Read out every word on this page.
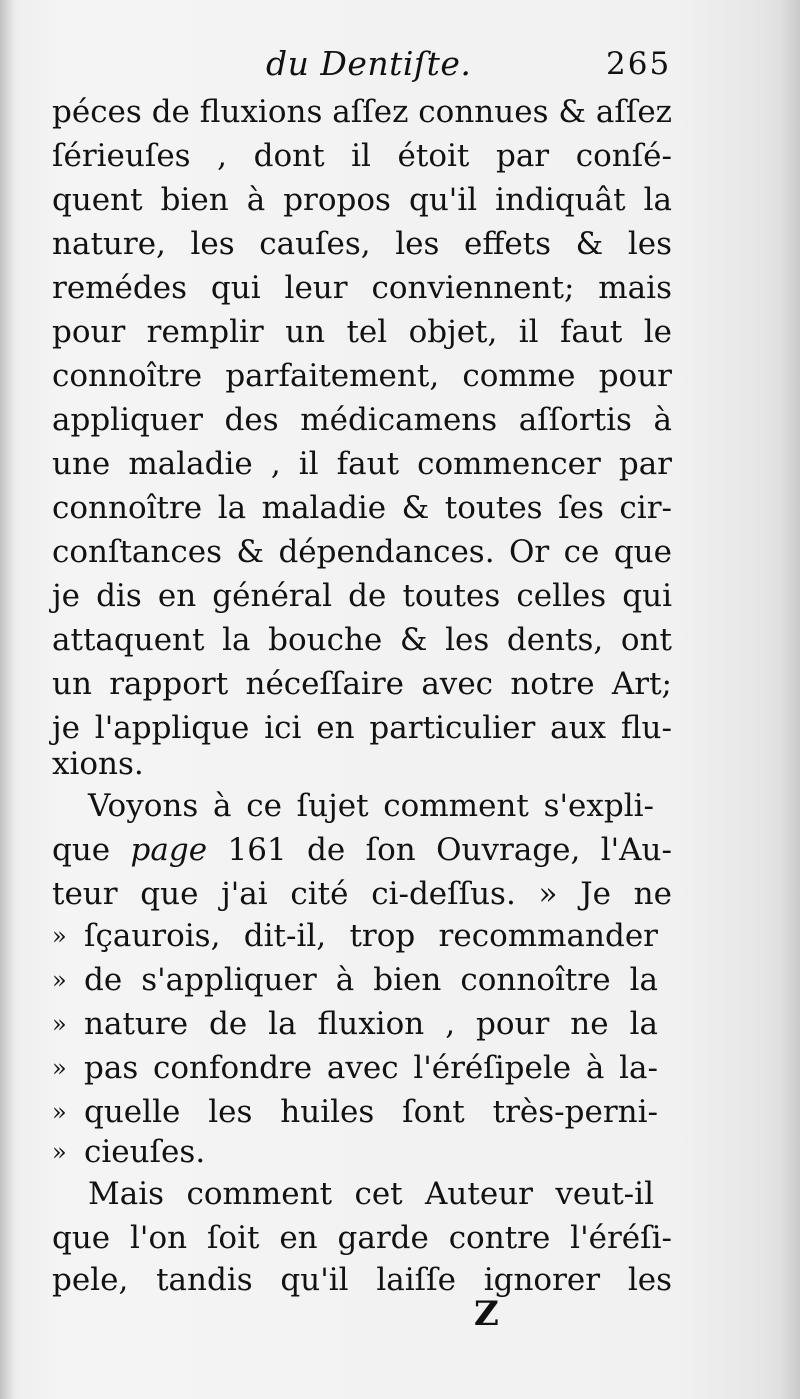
du Dentiſte.	265
péces de fluxions aſſez connues & aſſez
ſérieuſes , dont il étoit par conſé-
quent bien à propos qu'il indiquât la
nature, les cauſes, les effets & les
remédes qui leur conviennent; mais
pour remplir un tel objet, il faut le
connoître parfaitement, comme pour
appliquer des médicamens aſſortis à
une maladie , il faut commencer par
connoître la maladie & toutes ſes cir-
conſtances & dépendances. Or ce que
je dis en général de toutes celles qui
attaquent la bouche & les dents, ont
un rapport néceſſaire avec notre Art;
je l'applique ici en particulier aux flu-
xions.
Voyons à ce ſujet comment s'expli-
que page 161 de ſon Ouvrage, l'Au-
teur que j'ai cité ci-deſſus. » Je ne
» ſçaurois, dit-il, trop recommander
» de s'appliquer à bien connoître la
» nature de la fluxion , pour ne la
» pas confondre avec l'éréſipele à la-
» quelle les huiles ſont très-perni-
» cieuſes.
Mais comment cet Auteur veut-il
que l'on ſoit en garde contre l'éréſi-
pele, tandis qu'il laiſſe ignorer les
Z
